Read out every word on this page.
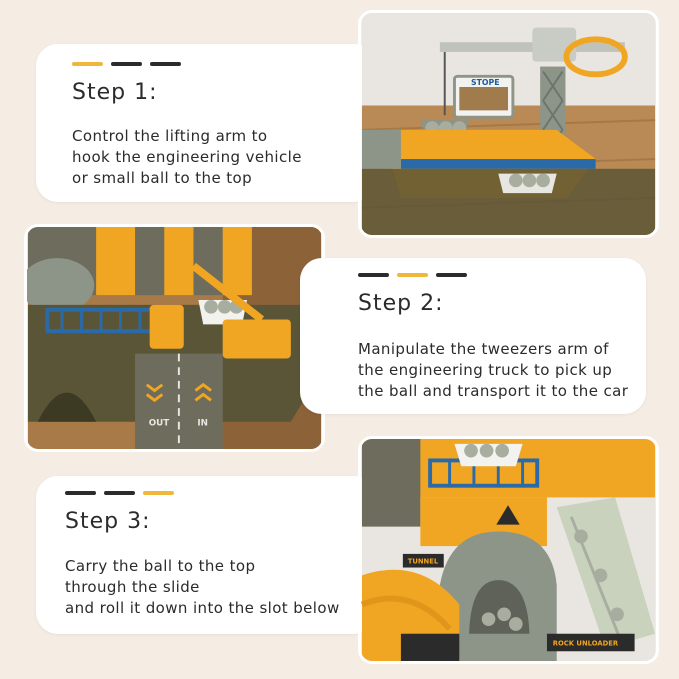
Step 1:
Control the lifting arm to
hook the engineering vehicle
or small ball to the top
STOPE
OUT	IN
Step 2:
Manipulate the tweezers arm of
the engineering truck to pick up
the ball and transport it to the car
Step 3:
Carry the ball to the top
through the slide
and roll it down into the slot below
TUNNEL
ROCK UNLOADER
